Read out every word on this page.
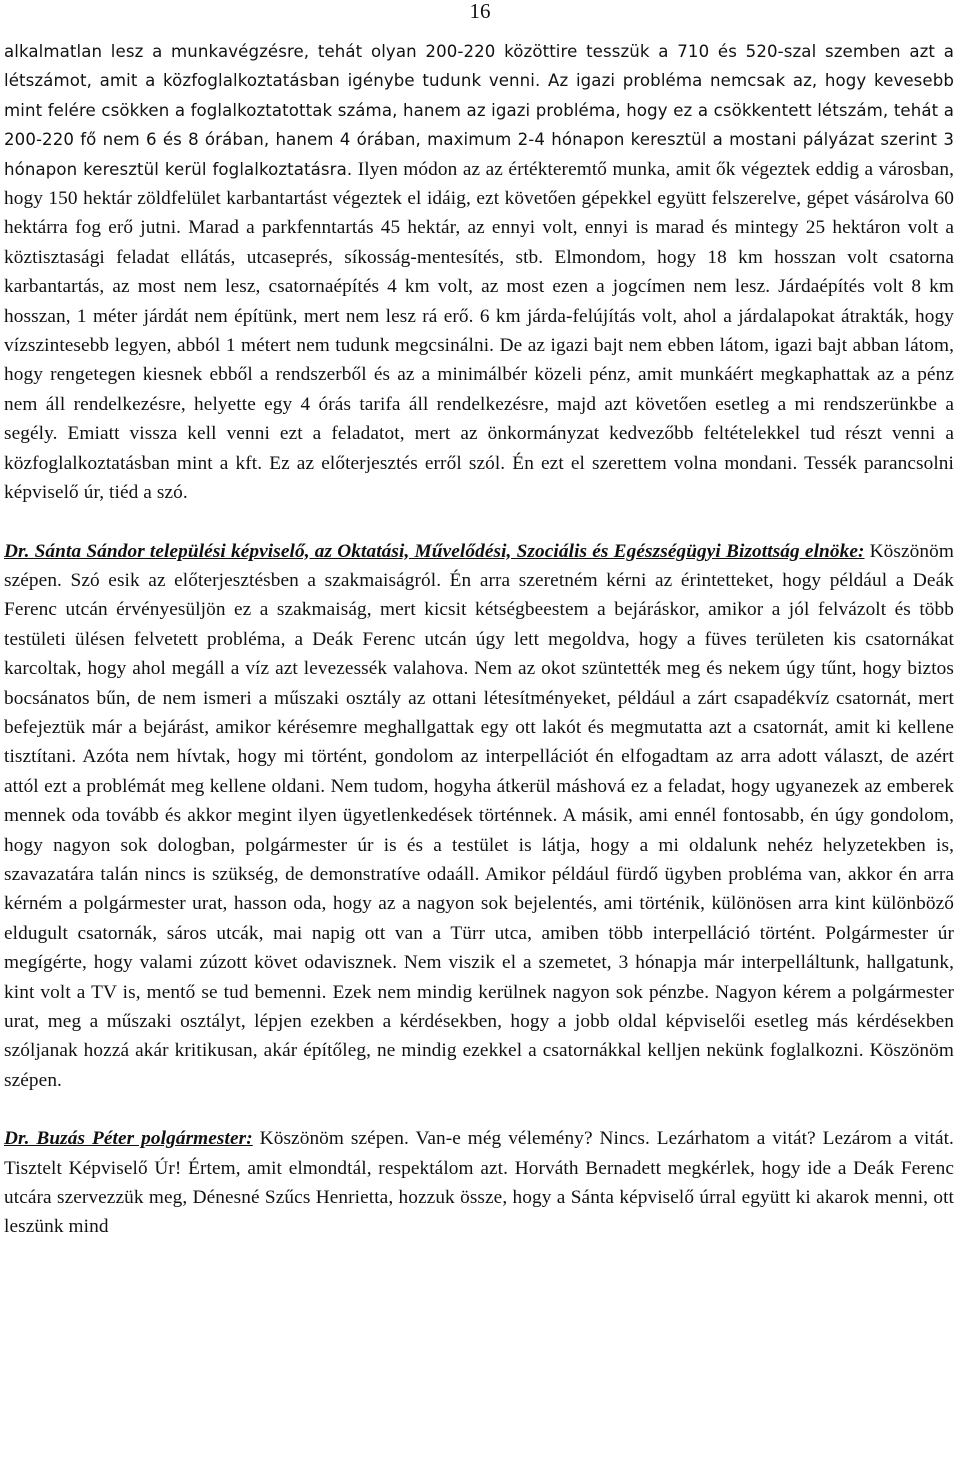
16

alkalmatlan lesz a munkavégzésre, tehát olyan 200-220 közöttire tesszük a 710 és 520-szal szemben azt a létszámot, amit a közfoglalkoztatásban igénybe tudunk venni. Az igazi probléma nemcsak az, hogy kevesebb mint felére csökken a foglalkoztatottak száma, hanem az igazi probléma, hogy ez a csökkentett létszám, tehát a 200-220 fő nem 6 és 8 órában, hanem 4 órában, maximum 2-4 hónapon keresztül a mostani pályázat szerint 3 hónapon keresztül kerül foglalkoztatásra. Ilyen módon az az értékteremtő munka, amit ők végeztek eddig a városban, hogy 150 hektár zöldfelület karbantartást végeztek el idáig, ezt követően gépekkel együtt felszerelve, gépet vásárolva 60 hektárra fog erő jutni. Marad a parkfenntartás 45 hektár, az ennyi volt, ennyi is marad és mintegy 25 hektáron volt a köztisztasági feladat ellátás, utcaseprés, síkosság-mentesítés, stb. Elmondom, hogy 18 km hosszan volt csatorna karbantartás, az most nem lesz, csatornaépítés 4 km volt, az most ezen a jogcímen nem lesz. Járdaépítés volt 8 km hosszan, 1 méter járdát nem építünk, mert nem lesz rá erő. 6 km járda-felújítás volt, ahol a járdalapokat átrakták, hogy vízszintesebb legyen, abból 1 métert nem tudunk megcsinálni. De az igazi bajt nem ebben látom, igazi bajt abban látom, hogy rengetegen kiesnek ebből a rendszerből és az a minimálbér közeli pénz, amit munkáért megkaphattak az a pénz nem áll rendelkezésre, helyette egy 4 órás tarifa áll rendelkezésre, majd azt követően esetleg a mi rendszerünkbe a segély. Emiatt vissza kell venni ezt a feladatot, mert az önkormányzat kedvezőbb feltételekkel tud részt venni a közfoglalkoztatásban mint a kft. Ez az előterjesztés erről szól. Én ezt el szerettem volna mondani. Tessék parancsolni képviselő úr, tiéd a szó.

Dr. Sánta Sándor települési képviselő, az Oktatási, Művelődési, Szociális és Egészségügyi Bizottság elnöke: Köszönöm szépen. Szó esik az előterjesztésben a szakmaiságról. Én arra szeretném kérni az érintetteket, hogy például a Deák Ferenc utcán érvényesüljön ez a szakmaiság, mert kicsit kétségbeestem a bejáráskor, amikor a jól felvázolt és több testületi ülésen felvetett probléma, a Deák Ferenc utcán úgy lett megoldva, hogy a füves területen kis csatornákat karcoltak, hogy ahol megáll a víz azt levezessék valahova. Nem az okot szüntették meg és nekem úgy tűnt, hogy biztos bocsánatos bűn, de nem ismeri a műszaki osztály az ottani létesítményeket, például a zárt csapadékvíz csatornát, mert befejeztük már a bejárást, amikor kérésemre meghallgattak egy ott lakót és megmutatta azt a csatornát, amit ki kellene tisztítani. Azóta nem hívtak, hogy mi történt, gondolom az interpellációt én elfogadtam az arra adott választ, de azért attól ezt a problémát meg kellene oldani. Nem tudom, hogyha átkerül máshová ez a feladat, hogy ugyanezek az emberek mennek oda tovább és akkor megint ilyen ügyetlenkedések történnek. A másik, ami ennél fontosabb, én úgy gondolom, hogy nagyon sok dologban, polgármester úr is és a testület is látja, hogy a mi oldalunk nehéz helyzetekben is, szavazatára talán nincs is szükség, de demonstratíve odaáll. Amikor például fürdő ügyben probléma van, akkor én arra kérném a polgármester urat, hasson oda, hogy az a nagyon sok bejelentés, ami történik, különösen arra kint különböző eldugult csatornák, sáros utcák, mai napig ott van a Türr utca, amiben több interpelláció történt. Polgármester úr megígérte, hogy valami zúzott követ odavisznek. Nem viszik el a szemetet, 3 hónapja már interpelláltunk, hallgatunk, kint volt a TV is, mentő se tud bemenni. Ezek nem mindig kerülnek nagyon sok pénzbe. Nagyon kérem a polgármester urat, meg a műszaki osztályt, lépjen ezekben a kérdésekben, hogy a jobb oldal képviselői esetleg más kérdésekben szóljanak hozzá akár kritikusan, akár építőleg, ne mindig ezekkel a csatornákkal kelljen nekünk foglalkozni. Köszönöm szépen.

Dr. Buzás Péter polgármester: Köszönöm szépen. Van-e még vélemény? Nincs. Lezárhatom a vitát? Lezárom a vitát. Tisztelt Képviselő Úr! Értem, amit elmondtál, respektálom azt. Horváth Bernadett megkérlek, hogy ide a Deák Ferenc utcára szervezzük meg, Dénesné Szűcs Henrietta, hozzuk össze, hogy a Sánta képviselő úrral együtt ki akarok menni, ott leszünk mind
